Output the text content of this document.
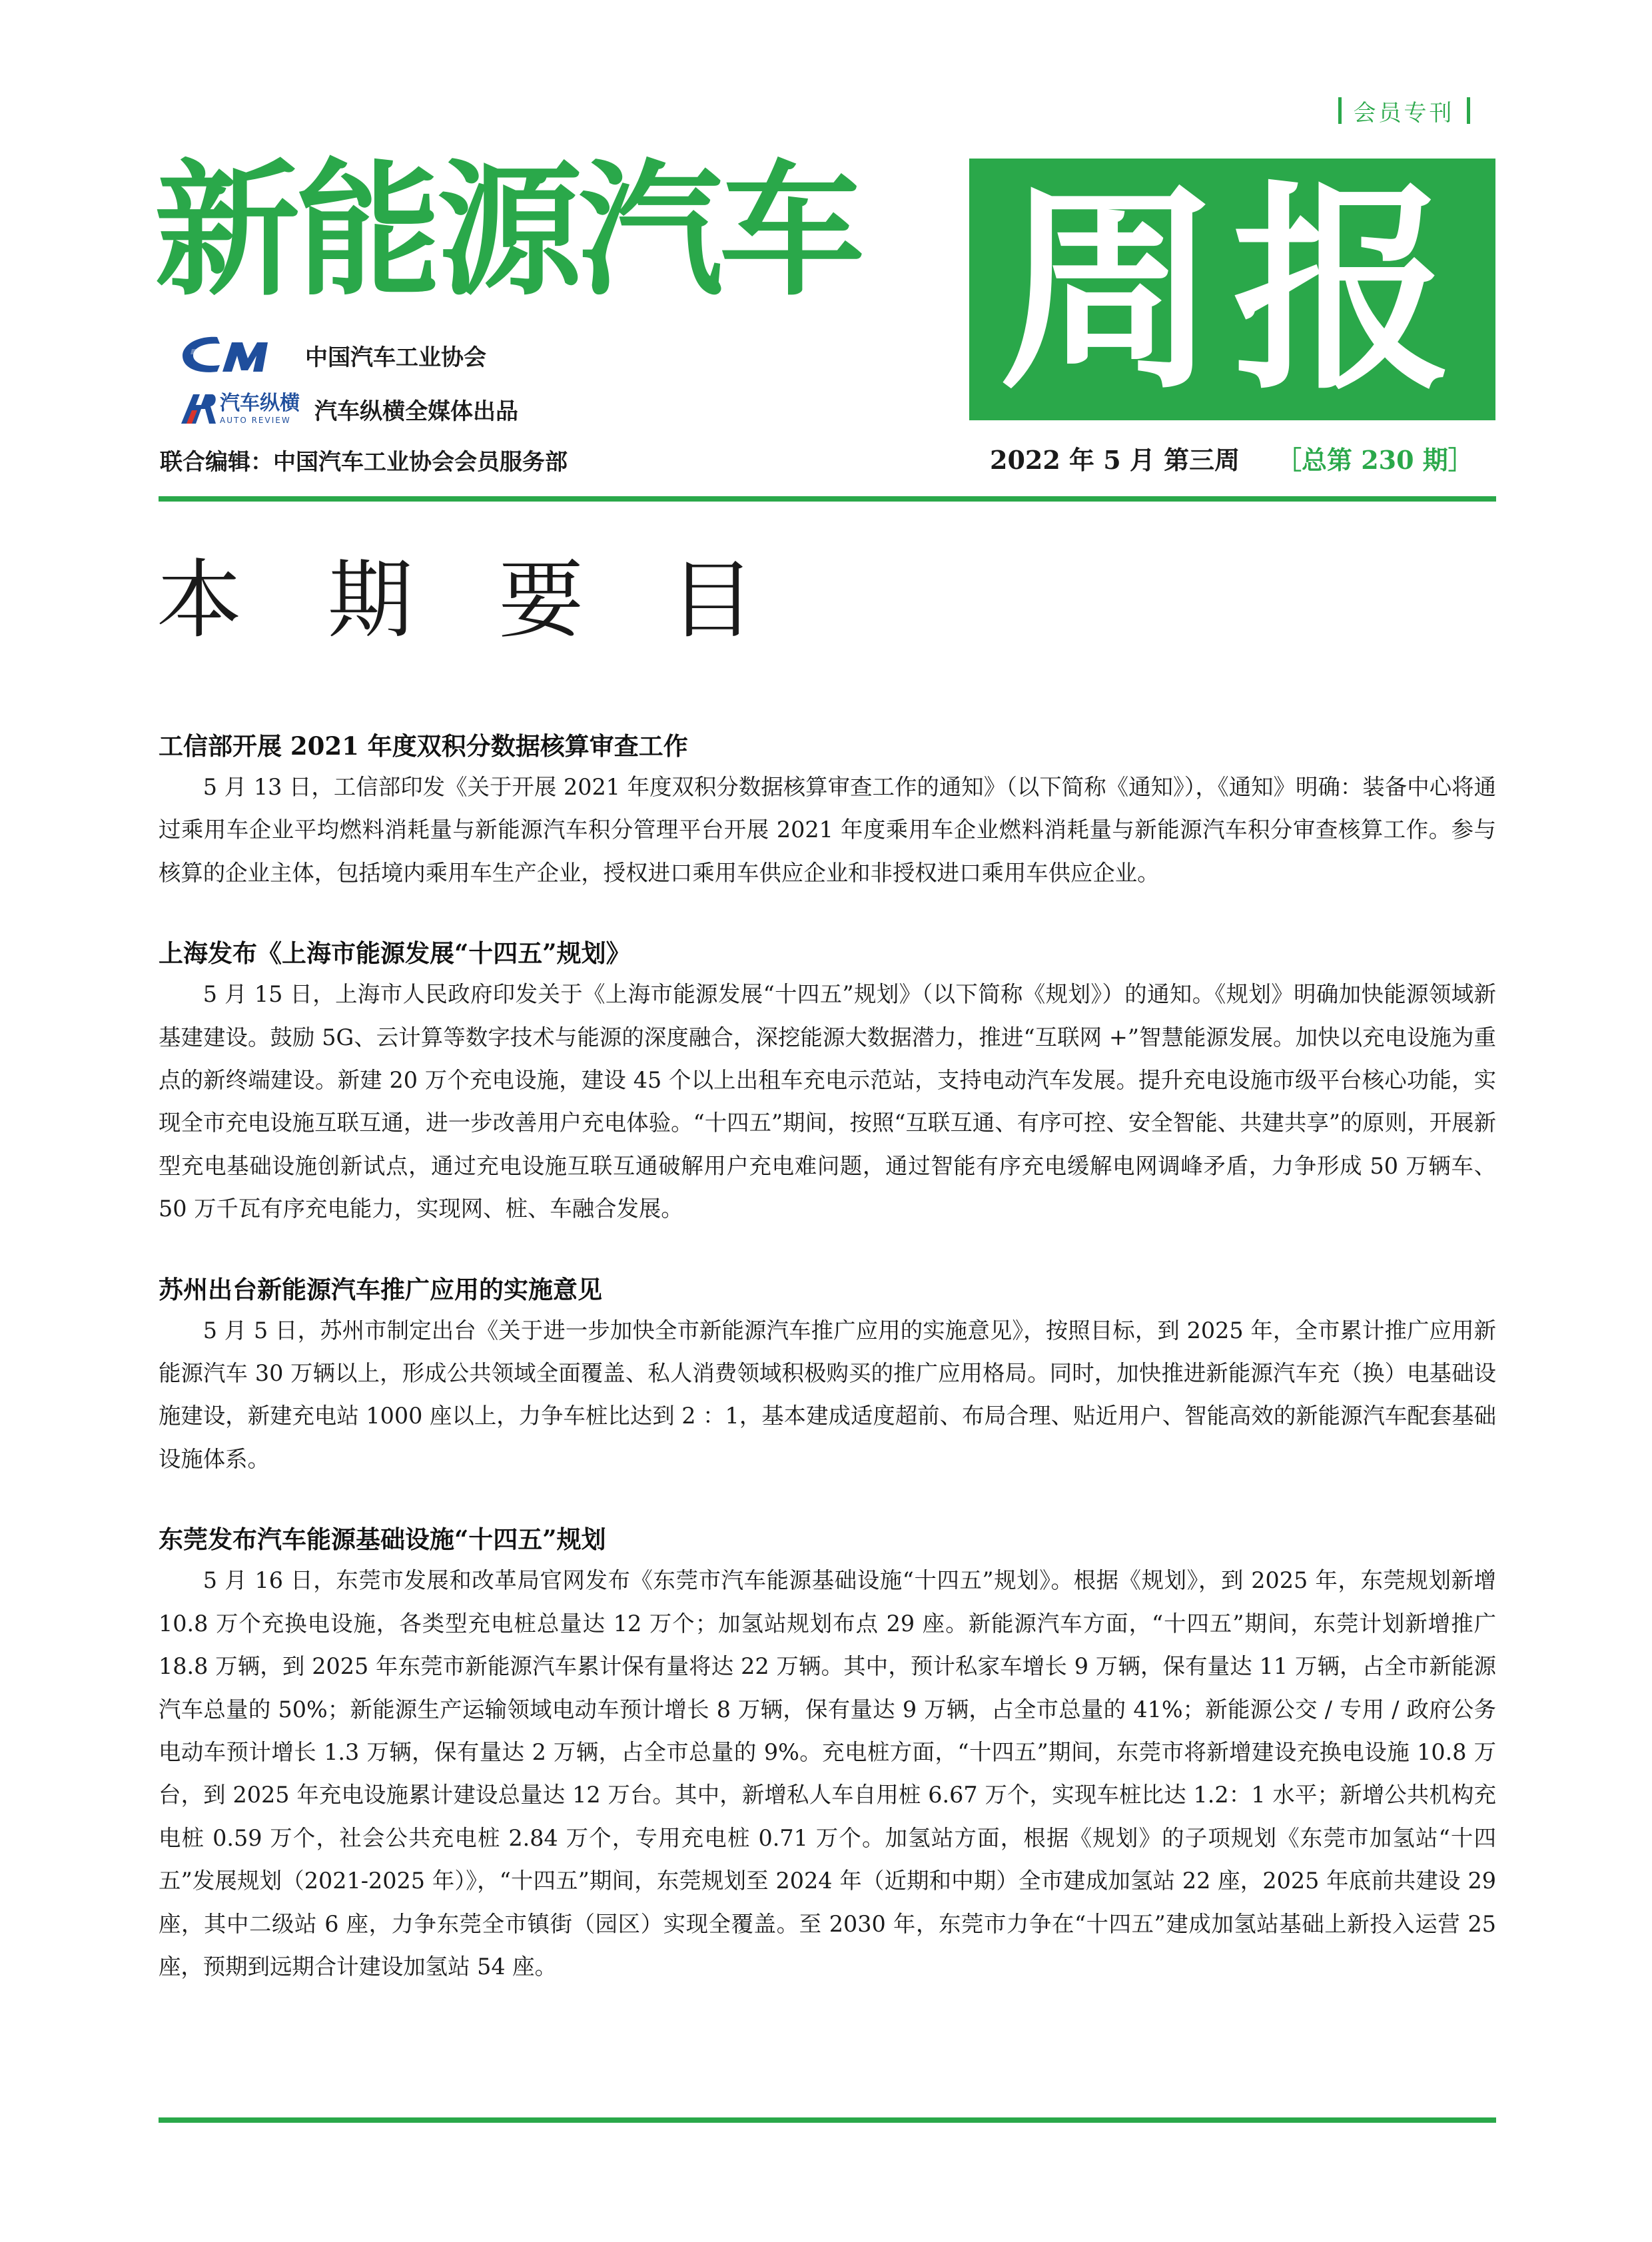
会员专刊
新能源汽车 周报
中国汽车工业协会
汽车纵横
AUTO REVIEW	汽车纵横全媒体出品
联合编辑：中国汽车工业协会会员服务部	2022 年 5 月 第三周 ［总第 230 期］
本 期 要 目

工信部开展 2021 年度双积分数据核算审查工作

5 月 13 日，工信部印发《关于开展 2021 年度双积分数据核算审查工作的通知》（以下简称《通知》），《通知》明确：装备中心将通过乘用车企业平均燃料消耗量与新能源汽车积分管理平台开展 2021 年度乘用车企业燃料消耗量与新能源汽车积分审查核算工作。参与核算的企业主体，包括境内乘用车生产企业，授权进口乘用车供应企业和非授权进口乘用车供应企业。

上海发布《上海市能源发展“十四五”规划》

5 月 15 日，上海市人民政府印发关于《上海市能源发展“十四五”规划》（以下简称《规划》）的通知。《规划》明确加快能源领域新基建建设。鼓励 5G、云计算等数字技术与能源的深度融合，深挖能源大数据潜力，推进“互联网 +”智慧能源发展。加快以充电设施为重点的新终端建设。新建 20 万个充电设施，建设 45 个以上出租车充电示范站，支持电动汽车发展。提升充电设施市级平台核心功能，实现全市充电设施互联互通，进一步改善用户充电体验。“十四五”期间，按照“互联互通、有序可控、安全智能、共建共享”的原则，开展新型充电基础设施创新试点，通过充电设施互联互通破解用户充电难问题，通过智能有序充电缓解电网调峰矛盾，力争形成 50 万辆车、50 万千瓦有序充电能力，实现网、桩、车融合发展。

苏州出台新能源汽车推广应用的实施意见

5 月 5 日，苏州市制定出台《关于进一步加快全市新能源汽车推广应用的实施意见》，按照目标，到 2025 年，全市累计推广应用新能源汽车 30 万辆以上，形成公共领域全面覆盖、私人消费领域积极购买的推广应用格局。同时，加快推进新能源汽车充（换）电基础设施建设，新建充电站 1000 座以上，力争车桩比达到 2 ：1，基本建成适度超前、布局合理、贴近用户、智能高效的新能源汽车配套基础设施体系。

东莞发布汽车能源基础设施“十四五”规划

5 月 16 日，东莞市发展和改革局官网发布《东莞市汽车能源基础设施“十四五”规划》。根据《规划》，到 2025 年，东莞规划新增 10.8 万个充换电设施，各类型充电桩总量达 12 万个；加氢站规划布点 29 座。新能源汽车方面，“十四五”期间，东莞计划新增推广 18.8 万辆，到 2025 年东莞市新能源汽车累计保有量将达 22 万辆。其中，预计私家车增长 9 万辆，保有量达 11 万辆，占全市新能源汽车总量的 50%；新能源生产运输领域电动车预计增长 8 万辆，保有量达 9 万辆，占全市总量的 41%；新能源公交 / 专用 / 政府公务电动车预计增长 1.3 万辆，保有量达 2 万辆，占全市总量的 9%。充电桩方面，“十四五”期间，东莞市将新增建设充换电设施 10.8 万台，到 2025 年充电设施累计建设总量达 12 万台。其中，新增私人车自用桩 6.67 万个，实现车桩比达 1.2：1 水平；新增公共机构充电桩 0.59 万个，社会公共充电桩 2.84 万个，专用充电桩 0.71 万个。加氢站方面，根据《规划》的子项规划《东莞市加氢站“十四五”发展规划（2021-2025 年）》，“十四五”期间，东莞规划至 2024 年（近期和中期）全市建成加氢站 22 座，2025 年底前共建设 29 座，其中二级站 6 座，力争东莞全市镇街（园区）实现全覆盖。至 2030 年，东莞市力争在“十四五”建成加氢站基础上新投入运营 25 座，预期到远期合计建设加氢站 54 座。
